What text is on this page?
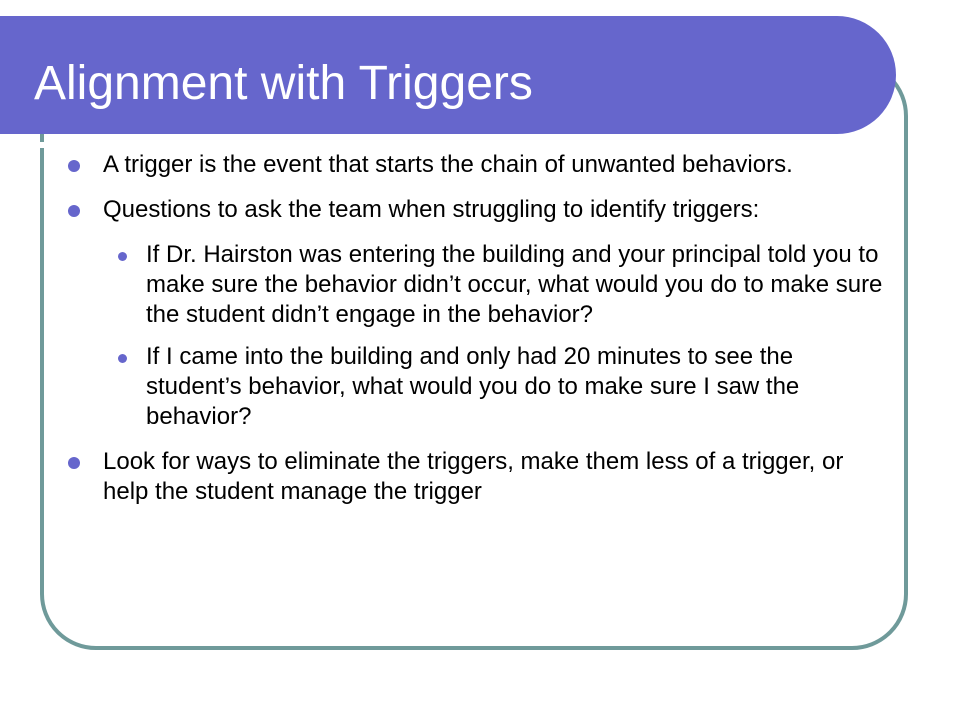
Alignment with Triggers
A trigger is the event that starts the chain of unwanted behaviors.
Questions to ask the team when struggling to identify triggers:
If Dr. Hairston was entering the building and your principal told you to make sure the behavior didn’t occur, what would you do to make sure the student didn’t engage in the behavior?
If I came into the building and only had 20 minutes to see the student’s behavior, what would you do to make sure I saw the behavior?
Look for ways to eliminate the triggers, make them less of a trigger, or help the student manage the trigger
